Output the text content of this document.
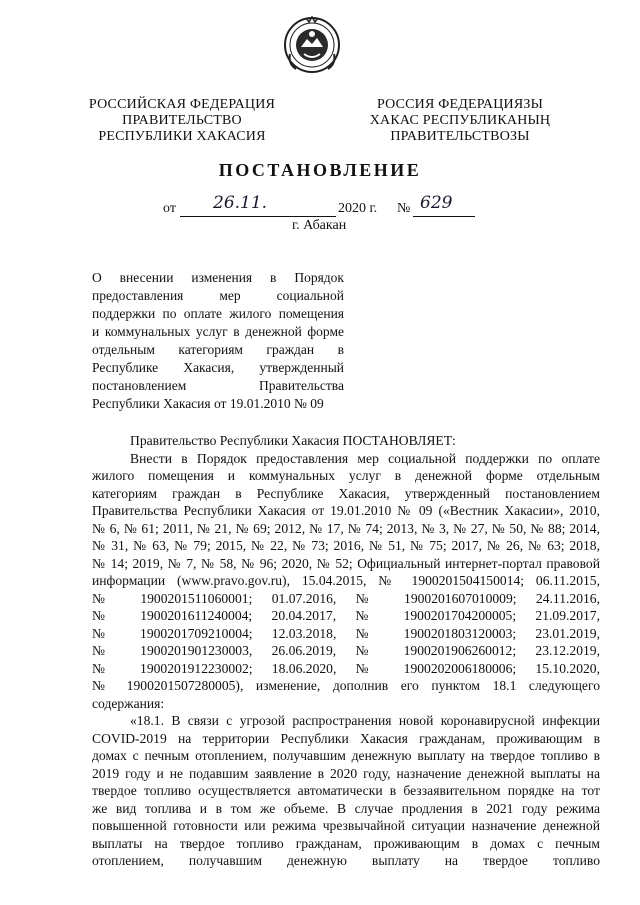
РОССИЙСКАЯ ФЕДЕРАЦИЯ
ПРАВИТЕЛЬСТВО
РЕСПУБЛИКИ ХАКАСИЯ
РОССИЯ ФЕДЕРАЦИЯЗЫ
ХАКАС РЕСПУБЛИКАНЫҢ
ПРАВИТЕЛЬСТВОЗЫ
ПОСТАНОВЛЕНИЕ
от 26.11.	2020 г. № 629
г. Абакан
О внесении изменения в Порядок
предоставления мер социальной
поддержки по оплате жилого помещения
и коммунальных услуг в денежной форме
отдельным категориям граждан в
Республике Хакасия, утвержденный
постановлением Правительства
Республики Хакасия от 19.01.2010 № 09
Правительство Республики Хакасия ПОСТАНОВЛЯЕТ:
Внести в Порядок предоставления мер социальной поддержки по оплате
жилого помещения и коммунальных услуг в денежной форме отдельным
категориям граждан в Республике Хакасия, утвержденный постановлением
Правительства Республики Хакасия от 19.01.2010 № 09 («Вестник Хакасии», 2010,
№ 6, № 61; 2011, № 21, № 69; 2012, № 17, № 74; 2013, № 3, № 27, № 50, № 88; 2014,
№ 31, № 63, № 79; 2015, № 22, № 73; 2016, № 51, № 75; 2017, № 26, № 63; 2018,
№ 14; 2019, № 7, № 58, № 96; 2020, № 52; Официальный интернет-портал правовой
информации (www.pravo.gov.ru), 15.04.2015, № 1900201504150014; 06.11.2015,
№ 1900201511060001; 01.07.2016, № 1900201607010009; 24.11.2016,
№ 1900201611240004; 20.04.2017, № 1900201704200005; 21.09.2017,
№ 1900201709210004; 12.03.2018, № 1900201803120003; 23.01.2019,
№ 1900201901230003, 26.06.2019, № 1900201906260012; 23.12.2019,
№ 1900201912230002; 18.06.2020, № 1900202006180006; 15.10.2020,
№ 1900201507280005), изменение, дополнив его пунктом 18.1 следующего
содержания:
«18.1. В связи с угрозой распространения новой коронавирусной инфекции
COVID-2019 на территории Республики Хакасия гражданам, проживающим в
домах с печным отоплением, получавшим денежную выплату на твердое топливо в
2019 году и не подавшим заявление в 2020 году, назначение денежной выплаты на
твердое топливо осуществляется автоматически в беззаявительном порядке на тот
же вид топлива и в том же объеме. В случае продления в 2021 году режима
повышенной готовности или режима чрезвычайной ситуации назначение денежной
выплаты на твердое топливо гражданам, проживающим в домах с печным
отоплением, получавшим денежную выплату на твердое топливо
